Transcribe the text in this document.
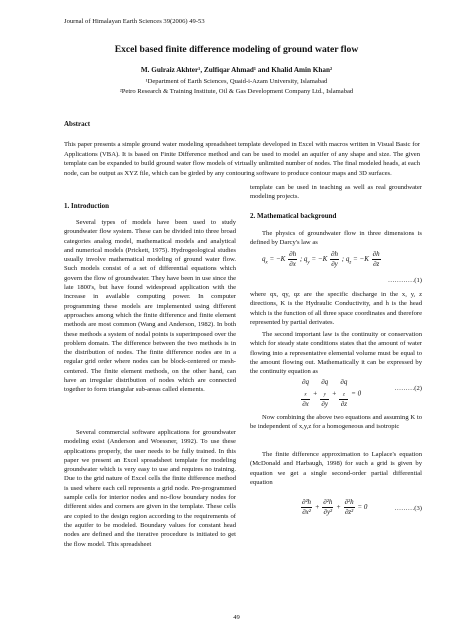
Journal of Himalayan Earth Sciences 39(2006) 49-53
Excel based finite difference modeling of ground water flow
M. Gulraiz Akhter¹, Zulfiqar Ahmad¹ and Khalid Amin Khan²
¹Department of Earth Sciences, Quaid-i-Azam University, Islamabad
²Petro Research & Training Institute, Oil & Gas Development Company Ltd., Islamabad
Abstract
This paper presents a simple ground water modeling spreadsheet template developed in Excel with macros written in Visual Basic for Applications (VBA). It is based on Finite Difference method and can be used to model an aquifer of any shape and size. The given template can be expanded to build ground water flow models of virtually unlimited number of nodes. The final modeled heads, at each node, can be output as XYZ file, which can be girded by any contouring software to produce contour maps and 3D surfaces.
1. Introduction
Several types of models have been used to study groundwater flow system. These can be divided into three broad categories analog model, mathematical models and analytical and numerical models (Prickett, 1975). Hydrogeological studies usually involve mathematical modeling of ground water flow. Such models consist of a set of differential equations which govern the flow of groundwater. They have been in use since the late 1800's, but have found widespread application with the increase in available computing power. In computer programming these models are implemented using different approaches among which the finite difference and finite element methods are most common (Wang and Anderson, 1982). In both these methods a system of nodal points is superimposed over the problem domain. The difference between the two methods is in the distribution of nodes. The finite difference nodes are in a regular grid order where nodes can be block-centered or mesh-centered. The finite element methods, on the other hand, can have an irregular distribution of nodes which are connected together to form triangular sub-areas called elements.
Several commercial software applications for groundwater modeling exist (Anderson and Woessner, 1992). To use these applications properly, the user needs to be fully trained. In this paper we present an Excel spreadsheet template for modeling groundwater which is very easy to use and requires no training. Due to the grid nature of Excel cells the finite difference method is used where each cell represents a grid node. Pre-programmed sample cells for interior nodes and no-flow boundary nodes for different sides and corners are given in the template. These cells are copied to the design region according to the requirements of the aquifer to be modeled. Boundary values for constant head nodes are defined and the iterative procedure is initiated to get the flow model. This spreadsheet
template can be used in teaching as well as real groundwater modeling projects.
2. Mathematical background
The physics of groundwater flow in three dimensions is defined by Darcy's law as
$q_x = -K \frac{\partial h}{\partial x}$ ; $q_y = -K \frac{\partial h}{\partial y}$ ; $q_z = -K \frac{\partial h}{\partial z}$
…………(1)
where qx, qy, qz are the specific discharge in the x, y, z directions, K is the Hydraulic Conductivity, and h is the head which is the function of all three space coordinates and therefore represented by partial derivates.
The second important law is the continuity or conservation which for steady state conditions states that the amount of water flowing into a representative elemental volume must be equal to the amount flowing out. Mathematically it can be expressed by the continuity equation as
∂q
$_x$
∂x + ∂q
$_y$
∂y + ∂q
$_z$
∂z = 0
………(2)
Now combining the above two equations and assuming K to be independent of x,y,z for a homogeneous and isotropic
The finite difference approximation to Laplace's equation (McDonald and Harbaugh, 1998) for such a grid is given by equation we get a single second-order partial differential equation
$\frac{\text{∂²h}}{\text{∂x²}} + \frac{\text{∂²h}}{\text{∂y²}} + \frac{\text{∂²h}}{\text{∂z²}} = 0$	………(3)
49
